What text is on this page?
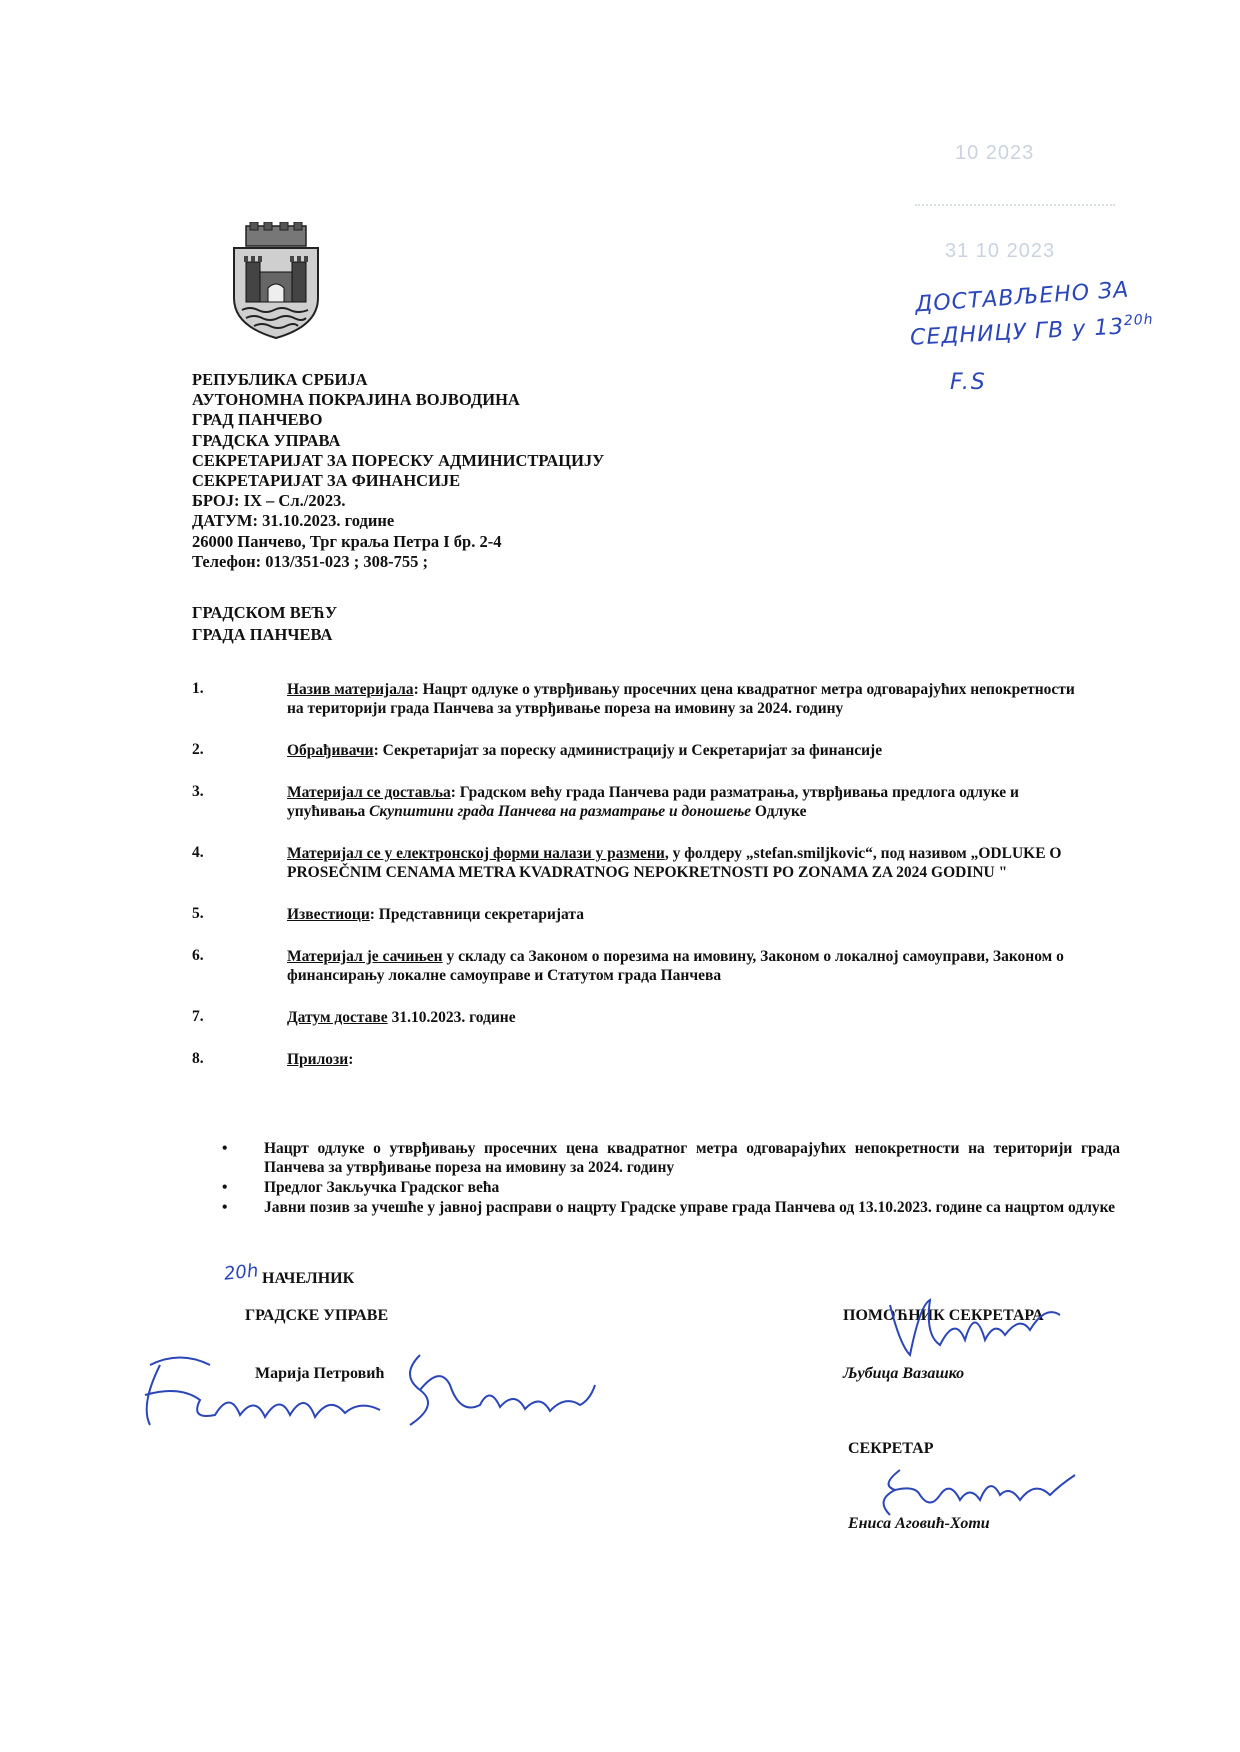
10 2023
31 10 2023
ДОСТАВЉЕНО ЗА
СЕДНИЦУ ГВ у $13^{20h}$
F.S
РЕПУБЛИКА СРБИЈА
АУТОНОМНА ПОКРАЈИНА ВОЈВОДИНА
ГРАД ПАНЧЕВО
ГРАДСКА УПРАВА
СЕКРЕТАРИЈАТ ЗА ПОРЕСКУ АДМИНИСТРАЦИЈУ
СЕКРЕТАРИЈАТ ЗА ФИНАНСИЈЕ
БРОЈ: IX – Сл./2023.
ДАТУМ: 31.10.2023. године
26000 Панчево, Трг краља Петра I бр. 2-4
Телефон: 013/351-023 ; 308-755 ;
ГРАДСКОМ ВЕЋУ
ГРАДА ПАНЧЕВА
1.	Назив материјала: Нацрт одлуке о утврђивању просечних цена квадратног метра одговарајућих непокретности на територији града Панчева за утврђивање пореза на имовину за 2024. годину
2.	Обрађивачи: Секретаријат за пореску администрацију и Секретаријат за финансије
3.	Материјал се доставља: Градском већу града Панчева ради разматрања, утврђивања предлога одлуке и упућивања Скупштини града Панчева на разматрање и доношење Одлуке
4.	Материјал се у електронској форми налази у размени, у фолдеру „stefan.smiljkovic“, под називом „ODLUKE O PROSEČNIM CENAMA METRA KVADRATNOG NEPOKRETNOSTI PO ZONAMA ZA 2024 GODINU "
5.	Известиоци: Представници секретаријата
6.	Материјал је сачињен у складу са Законом о порезима на имовину, Законом о локалној самоуправи, Законом о финансирању локалне самоуправе и Статутом града Панчева
7.	Датум доставе 31.10.2023. године
8.	Прилози:
•	Нацрт одлуке о утврђивању просечних цена квадратног метра одговарајућих непокретности на територији града Панчева за утврђивање пореза на имовину за 2024. годину
•	Предлог Закључка Градског већа
•	Јавни позив за учешће у јавној расправи о нацрту Градске управе града Панчева од 13.10.2023. године са нацртом одлуке
20h НАЧЕЛНИК
ГРАДСКЕ УПРАВЕ
Марија Петровић
ПОМОЋНИК СЕКРЕТАРА
Љубица Вазашко
СЕКРЕТАР
Ениса Аговић-Хоти
